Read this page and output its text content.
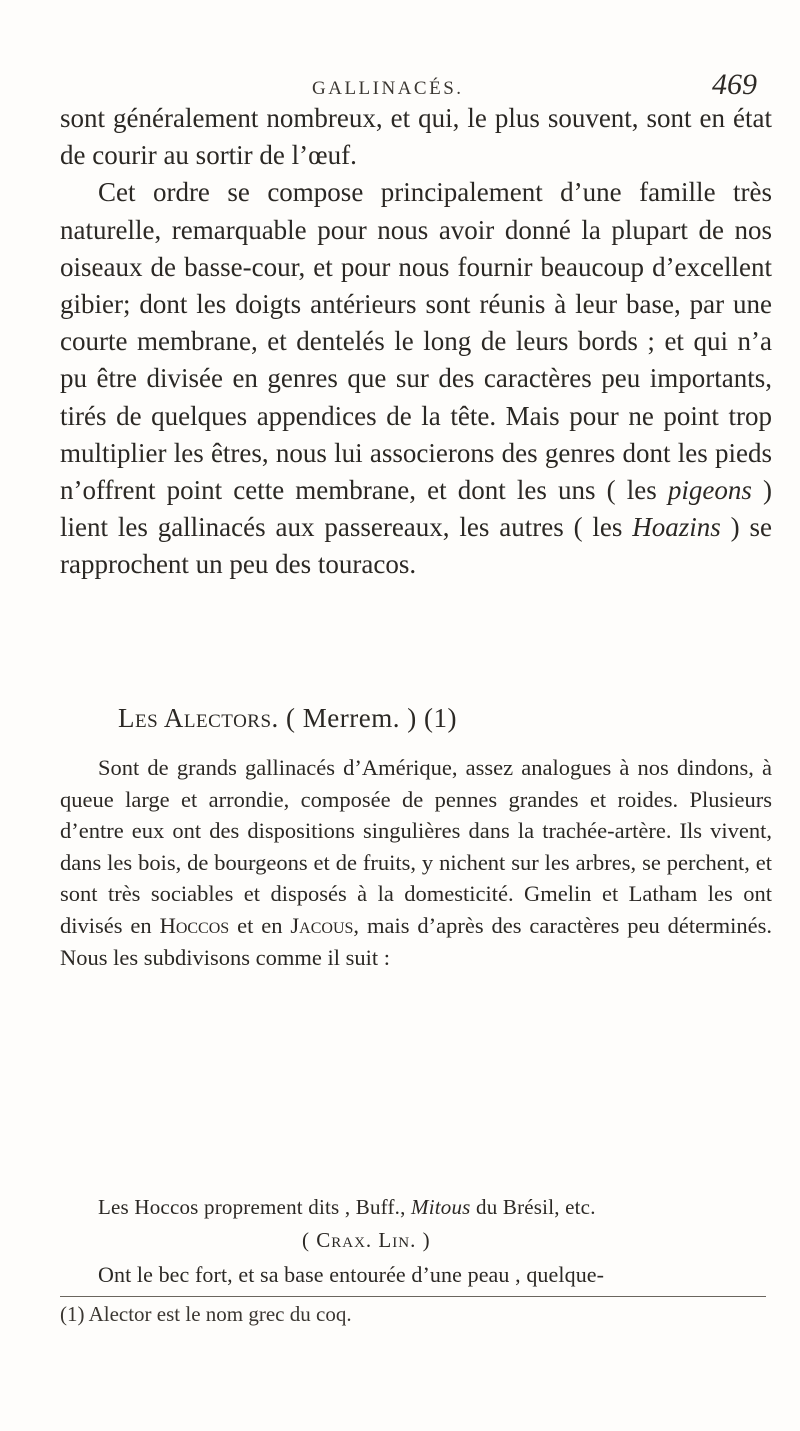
GALLINACÉS.	469

sont généralement nombreux, et qui, le plus souvent, sont en état de courir au sortir de l’œuf.

Cet ordre se compose principalement d’une famille très naturelle, remarquable pour nous avoir donné la plupart de nos oiseaux de basse-cour, et pour nous fournir beaucoup d’excellent gibier; dont les doigts antérieurs sont réunis à leur base, par une courte membrane, et dentelés le long de leurs bords ; et qui n’a pu être divisée en genres que sur des caractères peu importants, tirés de quelques appendices de la tête. Mais pour ne point trop multiplier les êtres, nous lui associerons des genres dont les pieds n’offrent point cette membrane, et dont les uns ( les pigeons ) lient les gallinacés aux passereaux, les autres ( les Hoazins ) se rapprochent un peu des touracos.

Les Alectors. ( Merrem. ) (1)

Sont de grands gallinacés d’Amérique, assez analogues à nos dindons, à queue large et arrondie, composée de pennes grandes et roides. Plusieurs d’entre eux ont des dispositions singulières dans la trachée-artère. Ils vivent, dans les bois, de bourgeons et de fruits, y nichent sur les arbres, se perchent, et sont très sociables et disposés à la domesticité. Gmelin et Latham les ont divisés en Hoccos et en Jacous, mais d’après des caractères peu déterminés. Nous les subdivisons comme il suit :

Les Hoccos proprement dits , Buff., Mitous du Brésil, etc.
( Crax. Lin. )
Ont le bec fort, et sa base entourée d’une peau , quelque-
(1) Alector est le nom grec du coq.
